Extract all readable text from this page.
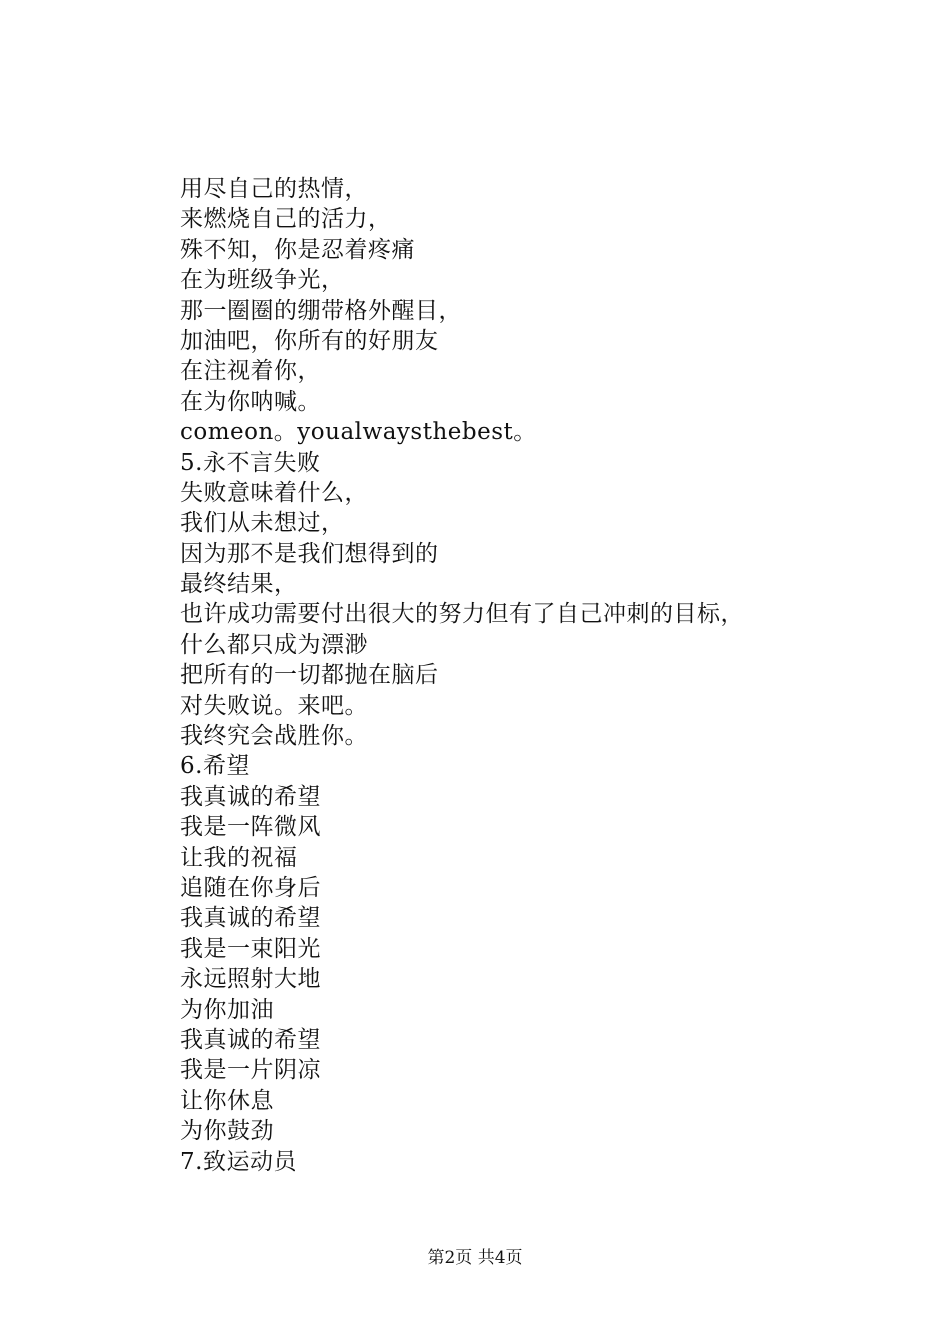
用尽自己的热情，
来燃烧自己的活力，
殊不知，你是忍着疼痛
在为班级争光，
那一圈圈的绷带格外醒目，
加油吧，你所有的好朋友
在注视着你，
在为你呐喊。
comeon。youalwaysthebest。
5.永不言失败
失败意味着什么，
我们从未想过，
因为那不是我们想得到的
最终结果，
也许成功需要付出很大的努力但有了自己冲刺的目标，
什么都只成为漂渺
把所有的一切都抛在脑后
对失败说。来吧。
我终究会战胜你。
6.希望
我真诚的希望
我是一阵微风
让我的祝福
追随在你身后
我真诚的希望
我是一束阳光
永远照射大地
为你加油
我真诚的希望
我是一片阴凉
让你休息
为你鼓劲
7.致运动员
第2页 共4页
